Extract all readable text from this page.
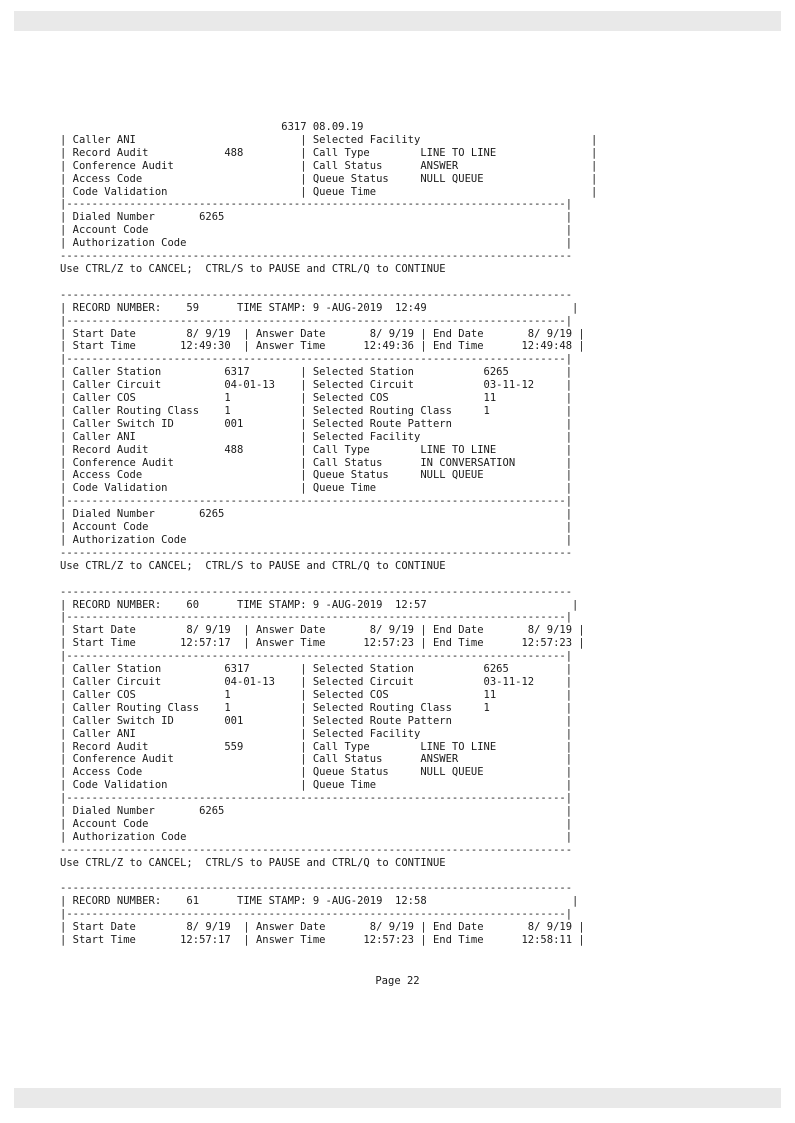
6317 08.09.19
| Caller ANI                          | Selected Facility                           |
| Record Audit            488         | Call Type        LINE TO LINE               |
| Conference Audit                    | Call Status      ANSWER                     |
| Access Code                         | Queue Status     NULL QUEUE                 |
| Code Validation                     | Queue Time                                  |
|-------------------------------------------------------------------------------|
| Dialed Number       6265                                                      |
| Account Code                                                                  |
| Authorization Code                                                            |
---------------------------------------------------------------------------------
Use CTRL/Z to CANCEL;  CTRL/S to PAUSE and CTRL/Q to CONTINUE

---------------------------------------------------------------------------------
| RECORD NUMBER:    59      TIME STAMP: 9 -AUG-2019  12:49                       |
|-------------------------------------------------------------------------------|
| Start Date        8/ 9/19  | Answer Date       8/ 9/19 | End Date       8/ 9/19 |
| Start Time       12:49:30  | Answer Time      12:49:36 | End Time      12:49:48 |
|-------------------------------------------------------------------------------|
| Caller Station          6317        | Selected Station           6265         |
| Caller Circuit          04-01-13    | Selected Circuit           03-11-12     |
| Caller COS              1           | Selected COS               11           |
| Caller Routing Class    1           | Selected Routing Class     1            |
| Caller Switch ID        001         | Selected Route Pattern                  |
| Caller ANI                          | Selected Facility                       |
| Record Audit            488         | Call Type        LINE TO LINE           |
| Conference Audit                    | Call Status      IN CONVERSATION        |
| Access Code                         | Queue Status     NULL QUEUE             |
| Code Validation                     | Queue Time                              |
|-------------------------------------------------------------------------------|
| Dialed Number       6265                                                      |
| Account Code                                                                  |
| Authorization Code                                                            |
---------------------------------------------------------------------------------
Use CTRL/Z to CANCEL;  CTRL/S to PAUSE and CTRL/Q to CONTINUE

---------------------------------------------------------------------------------
| RECORD NUMBER:    60      TIME STAMP: 9 -AUG-2019  12:57                       |
|-------------------------------------------------------------------------------|
| Start Date        8/ 9/19  | Answer Date       8/ 9/19 | End Date       8/ 9/19 |
| Start Time       12:57:17  | Answer Time      12:57:23 | End Time      12:57:23 |
|-------------------------------------------------------------------------------|
| Caller Station          6317        | Selected Station           6265         |
| Caller Circuit          04-01-13    | Selected Circuit           03-11-12     |
| Caller COS              1           | Selected COS               11           |
| Caller Routing Class    1           | Selected Routing Class     1            |
| Caller Switch ID        001         | Selected Route Pattern                  |
| Caller ANI                          | Selected Facility                       |
| Record Audit            559         | Call Type        LINE TO LINE           |
| Conference Audit                    | Call Status      ANSWER                 |
| Access Code                         | Queue Status     NULL QUEUE             |
| Code Validation                     | Queue Time                              |
|-------------------------------------------------------------------------------|
| Dialed Number       6265                                                      |
| Account Code                                                                  |
| Authorization Code                                                            |
---------------------------------------------------------------------------------
Use CTRL/Z to CANCEL;  CTRL/S to PAUSE and CTRL/Q to CONTINUE

---------------------------------------------------------------------------------
| RECORD NUMBER:    61      TIME STAMP: 9 -AUG-2019  12:58                       |
|-------------------------------------------------------------------------------|
| Start Date        8/ 9/19  | Answer Date       8/ 9/19 | End Date       8/ 9/19 |
| Start Time       12:57:17  | Answer Time      12:57:23 | End Time      12:58:11 |
Page 22
